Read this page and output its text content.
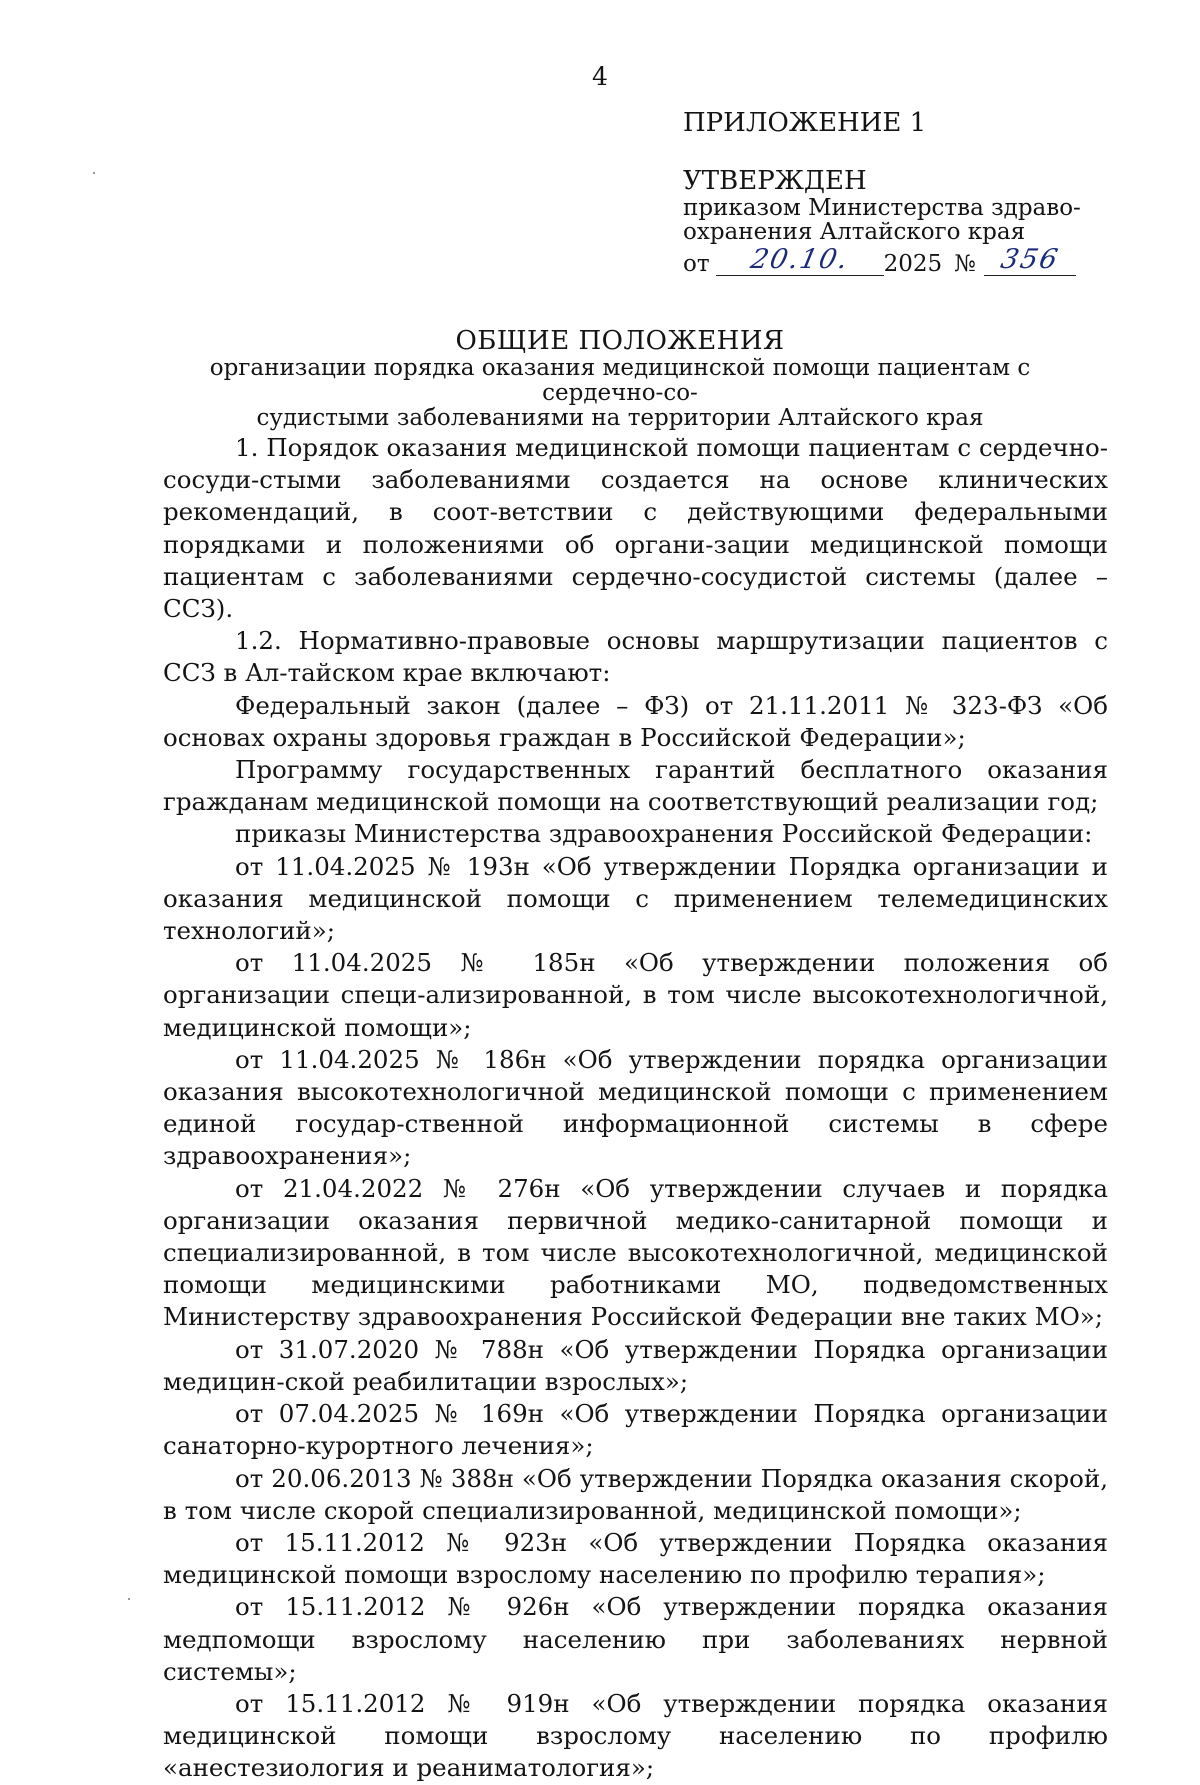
4
ПРИЛОЖЕНИЕ 1
УТВЕРЖДЕН
приказом Министерства здраво-
охранения Алтайского края
от	20.10.	2025 № 356
ОБЩИЕ ПОЛОЖЕНИЯ
организации порядка оказания медицинской помощи пациентам с сердечно-со-
судистыми заболеваниями на территории Алтайского края

1. Порядок оказания медицинской помощи пациентам с сердечно-сосуди-стыми заболеваниями создается на основе клинических рекомендаций, в соот-ветствии с действующими федеральными порядками и положениями об органи-зации медицинской помощи пациентам с заболеваниями сердечно-сосудистой системы (далее – ССЗ).

1.2. Нормативно-правовые основы маршрутизации пациентов с ССЗ в Ал-тайском крае включают:

Федеральный закон (далее – ФЗ) от 21.11.2011 № 323-ФЗ «Об основах охраны здоровья граждан в Российской Федерации»;

Программу государственных гарантий бесплатного оказания гражданам медицинской помощи на соответствующий реализации год;

приказы Министерства здравоохранения Российской Федерации:

от 11.04.2025 № 193н «Об утверждении Порядка организации и оказания медицинской помощи с применением телемедицинских технологий»;

от 11.04.2025 № 185н «Об утверждении положения об организации специ-ализированной, в том числе высокотехнологичной, медицинской помощи»;

от 11.04.2025 № 186н «Об утверждении порядка организации оказания высокотехнологичной медицинской помощи с применением единой государ-ственной информационной системы в сфере здравоохранения»;

от 21.04.2022 № 276н «Об утверждении случаев и порядка организации оказания первичной медико-санитарной помощи и специализированной, в том числе высокотехнологичной, медицинской помощи медицинскими работниками МО, подведомственных Министерству здравоохранения Российской Федерации вне таких МО»;

от 31.07.2020 № 788н «Об утверждении Порядка организации медицин-ской реабилитации взрослых»;

от 07.04.2025 № 169н «Об утверждении Порядка организации санаторно-курортного лечения»;

от 20.06.2013 № 388н «Об утверждении Порядка оказания скорой, в том числе скорой специализированной, медицинской помощи»;

от 15.11.2012 № 923н «Об утверждении Порядка оказания медицинской помощи взрослому населению по профилю терапия»;

от 15.11.2012 № 926н «Об утверждении порядка оказания медпомощи взрослому населению при заболеваниях нервной системы»;

от 15.11.2012 № 919н «Об утверждении порядка оказания медицинской помощи взрослому населению по профилю «анестезиология и реаниматология»;
